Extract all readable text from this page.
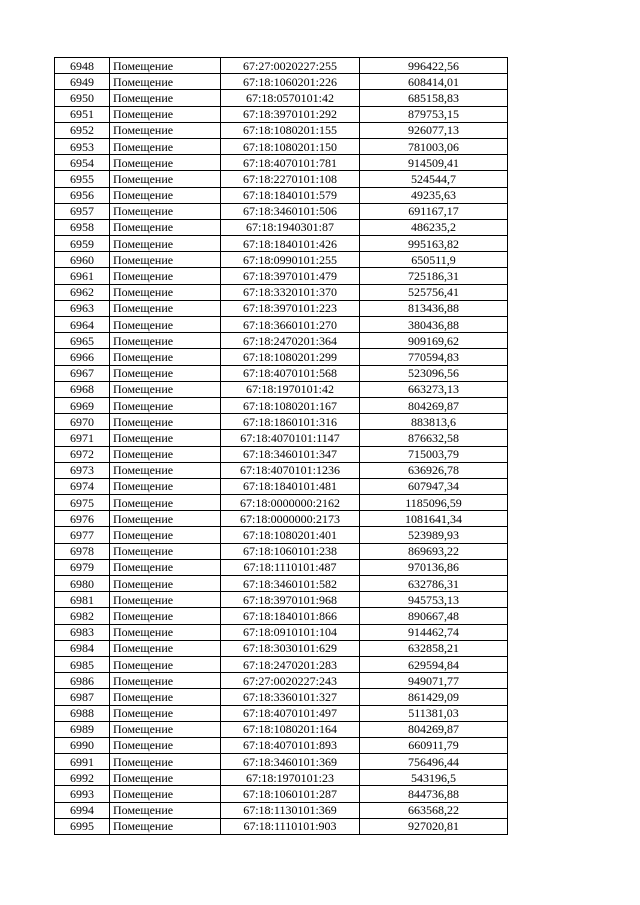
6948	Помещение	67:27:0020227:255	996422,56
6949	Помещение	67:18:1060201:226	608414,01
6950	Помещение	67:18:0570101:42	685158,83
6951	Помещение	67:18:3970101:292	879753,15
6952	Помещение	67:18:1080201:155	926077,13
6953	Помещение	67:18:1080201:150	781003,06
6954	Помещение	67:18:4070101:781	914509,41
6955	Помещение	67:18:2270101:108	524544,7
6956	Помещение	67:18:1840101:579	49235,63
6957	Помещение	67:18:3460101:506	691167,17
6958	Помещение	67:18:1940301:87	486235,2
6959	Помещение	67:18:1840101:426	995163,82
6960	Помещение	67:18:0990101:255	650511,9
6961	Помещение	67:18:3970101:479	725186,31
6962	Помещение	67:18:3320101:370	525756,41
6963	Помещение	67:18:3970101:223	813436,88
6964	Помещение	67:18:3660101:270	380436,88
6965	Помещение	67:18:2470201:364	909169,62
6966	Помещение	67:18:1080201:299	770594,83
6967	Помещение	67:18:4070101:568	523096,56
6968	Помещение	67:18:1970101:42	663273,13
6969	Помещение	67:18:1080201:167	804269,87
6970	Помещение	67:18:1860101:316	883813,6
6971	Помещение	67:18:4070101:1147	876632,58
6972	Помещение	67:18:3460101:347	715003,79
6973	Помещение	67:18:4070101:1236	636926,78
6974	Помещение	67:18:1840101:481	607947,34
6975	Помещение	67:18:0000000:2162	1185096,59
6976	Помещение	67:18:0000000:2173	1081641,34
6977	Помещение	67:18:1080201:401	523989,93
6978	Помещение	67:18:1060101:238	869693,22
6979	Помещение	67:18:1110101:487	970136,86
6980	Помещение	67:18:3460101:582	632786,31
6981	Помещение	67:18:3970101:968	945753,13
6982	Помещение	67:18:1840101:866	890667,48
6983	Помещение	67:18:0910101:104	914462,74
6984	Помещение	67:18:3030101:629	632858,21
6985	Помещение	67:18:2470201:283	629594,84
6986	Помещение	67:27:0020227:243	949071,77
6987	Помещение	67:18:3360101:327	861429,09
6988	Помещение	67:18:4070101:497	511381,03
6989	Помещение	67:18:1080201:164	804269,87
6990	Помещение	67:18:4070101:893	660911,79
6991	Помещение	67:18:3460101:369	756496,44
6992	Помещение	67:18:1970101:23	543196,5
6993	Помещение	67:18:1060101:287	844736,88
6994	Помещение	67:18:1130101:369	663568,22
6995	Помещение	67:18:1110101:903	927020,81
